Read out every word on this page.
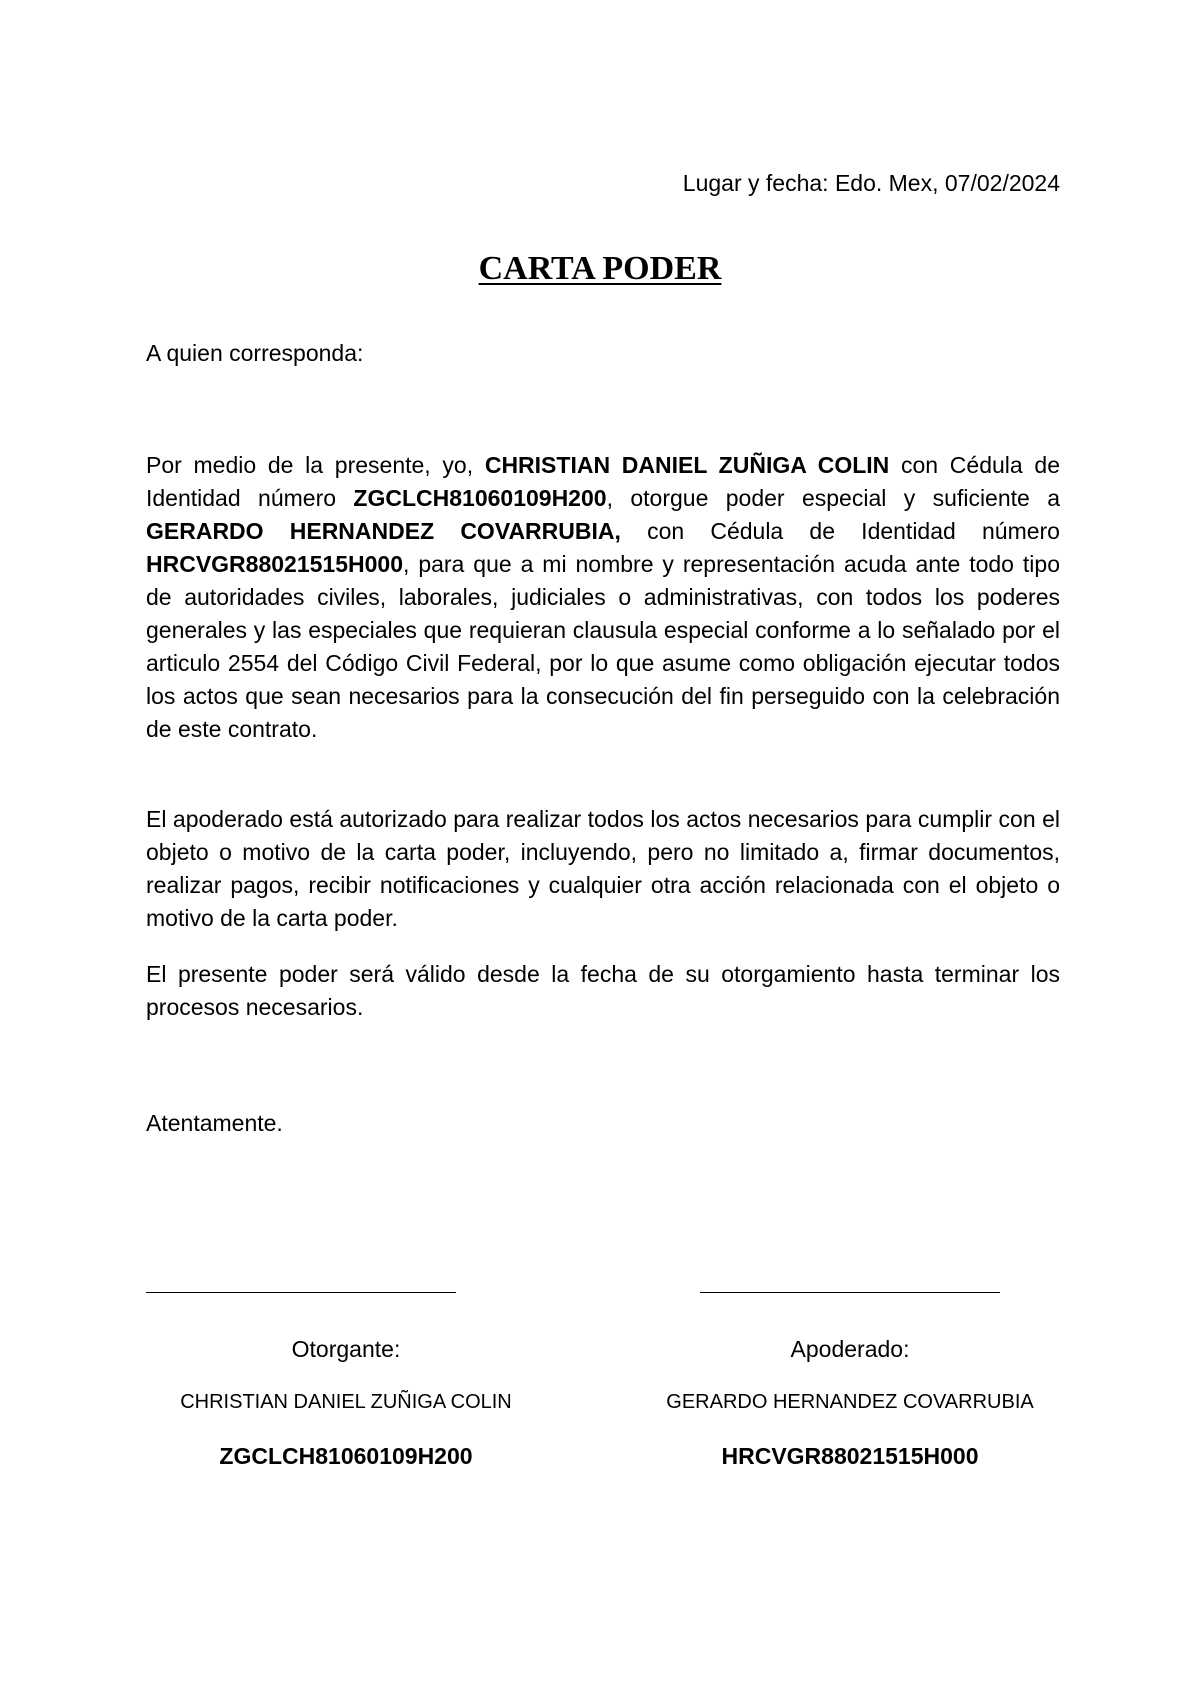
Lugar y fecha: Edo. Mex, 07/02/2024
CARTA PODER
A quien corresponda:
Por medio de la presente, yo, CHRISTIAN DANIEL ZUÑIGA COLIN con Cédula de Identidad número ZGCLCH81060109H200, otorgue poder especial y suficiente a GERARDO HERNANDEZ COVARRUBIA, con Cédula de Identidad número HRCVGR88021515H000, para que a mi nombre y representación acuda ante todo tipo de autoridades civiles, laborales, judiciales o administrativas, con todos los poderes generales y las especiales que requieran clausula especial conforme a lo señalado por el articulo 2554 del Código Civil Federal, por lo que asume como obligación ejecutar todos los actos que sean necesarios para la consecución del fin perseguido con la celebración de este contrato.
El apoderado está autorizado para realizar todos los actos necesarios para cumplir con el objeto o motivo de la carta poder, incluyendo, pero no limitado a, firmar documentos, realizar pagos, recibir notificaciones y cualquier otra acción relacionada con el objeto o motivo de la carta poder.
El presente poder será válido desde la fecha de su otorgamiento hasta terminar los procesos necesarios.
Atentamente.
Otorgante:
CHRISTIAN DANIEL ZUÑIGA COLIN
ZGCLCH81060109H200
Apoderado:
GERARDO HERNANDEZ COVARRUBIA
HRCVGR88021515H000
